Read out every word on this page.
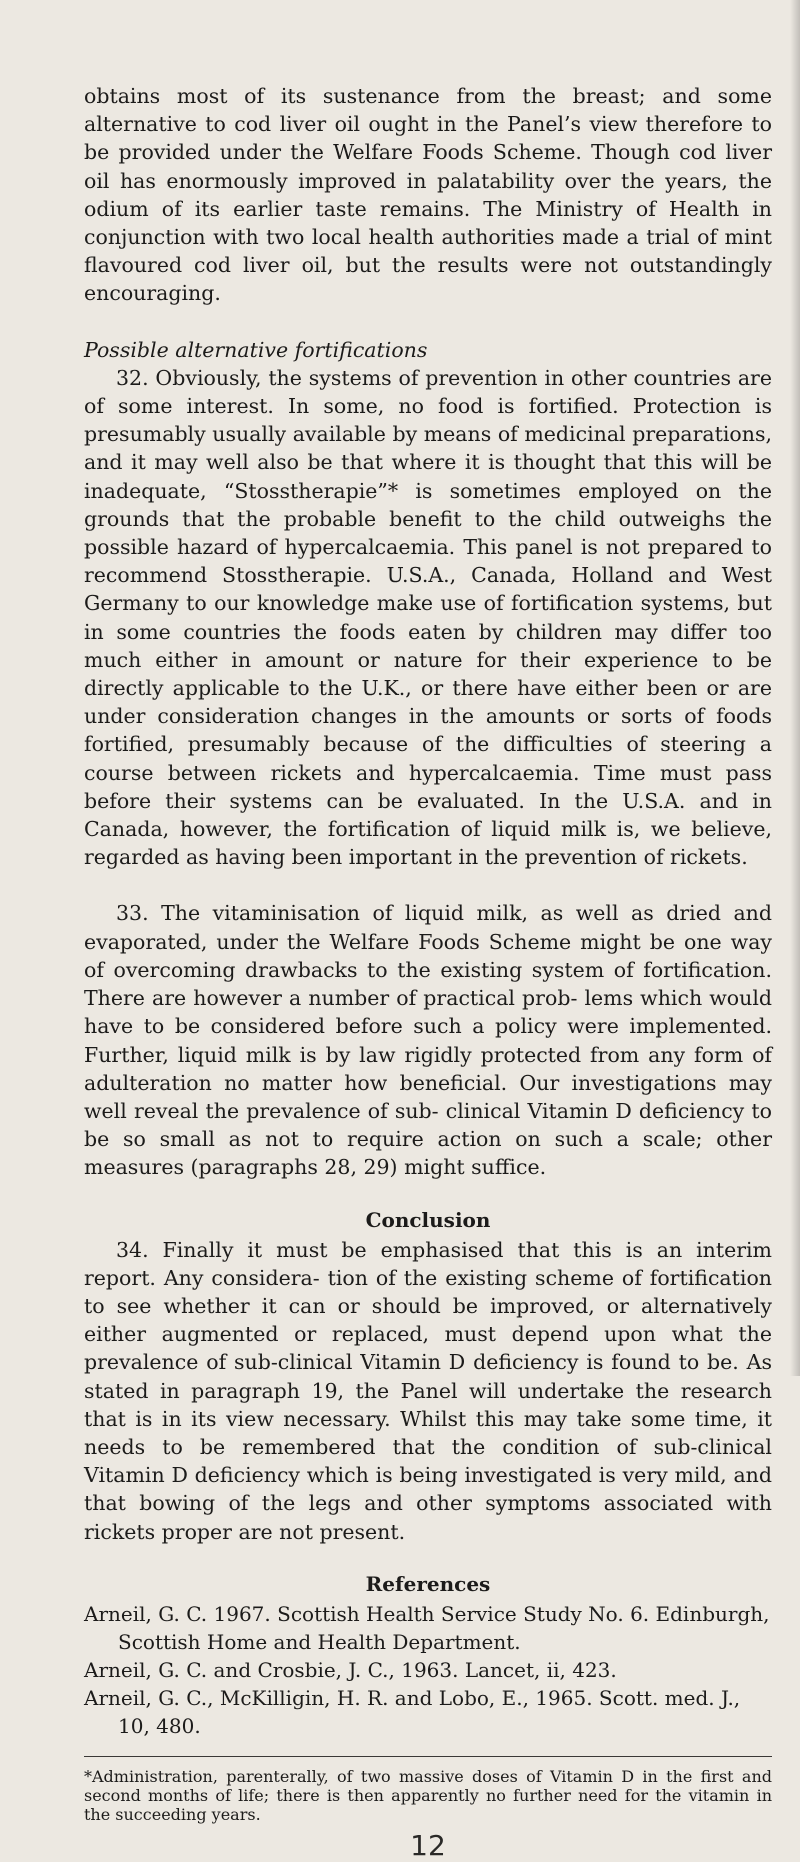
obtains most of its sustenance from the breast; and some alternative to cod liver oil ought in the Panel’s view therefore to be provided under the Welfare Foods Scheme. Though cod liver oil has enormously improved in palatability over the years, the odium of its earlier taste remains. The Ministry of Health in conjunction with two local health authorities made a trial of mint flavoured cod liver oil, but the results were not outstandingly encouraging.

Possible alternative fortifications

32. Obviously, the systems of prevention in other countries are of some interest. In some, no food is fortified. Protection is presumably usually available by means of medicinal preparations, and it may well also be that where it is thought that this will be inadequate, “Stosstherapie”* is sometimes employed on the grounds that the probable benefit to the child outweighs the possible hazard of hypercalcaemia. This panel is not prepared to recommend Stosstherapie. U.S.A., Canada, Holland and West Germany to our knowledge make use of fortification systems, but in some countries the foods eaten by children may differ too much either in amount or nature for their experience to be directly applicable to the U.K., or there have either been or are under consideration changes in the amounts or sorts of foods fortified, presumably because of the difficulties of steering a course between rickets and hypercalcaemia. Time must pass before their systems can be evaluated. In the U.S.A. and in Canada, however, the fortification of liquid milk is, we believe, regarded as having been important in the prevention of rickets.

33. The vitaminisation of liquid milk, as well as dried and evaporated, under the Welfare Foods Scheme might be one way of overcoming drawbacks to the existing system of fortification. There are however a number of practical prob- lems which would have to be considered before such a policy were implemented. Further, liquid milk is by law rigidly protected from any form of adulteration no matter how beneficial. Our investigations may well reveal the prevalence of sub- clinical Vitamin D deficiency to be so small as not to require action on such a scale; other measures (paragraphs 28, 29) might suffice.

Conclusion

34. Finally it must be emphasised that this is an interim report. Any considera- tion of the existing scheme of fortification to see whether it can or should be improved, or alternatively either augmented or replaced, must depend upon what the prevalence of sub-clinical Vitamin D deficiency is found to be. As stated in paragraph 19, the Panel will undertake the research that is in its view necessary. Whilst this may take some time, it needs to be remembered that the condition of sub-clinical Vitamin D deficiency which is being investigated is very mild, and that bowing of the legs and other symptoms associated with rickets proper are not present.

References
Arneil, G. C. 1967. Scottish Health Service Study No. 6. Edinburgh, Scottish Home and Health Department.
Arneil, G. C. and Crosbie, J. C., 1963. Lancet, ii, 423.
Arneil, G. C., McKilligin, H. R. and Lobo, E., 1965. Scott. med. J., 10, 480.

*Administration, parenterally, of two massive doses of Vitamin D in the first and second months of life; there is then apparently no further need for the vitamin in the succeeding years.

12
